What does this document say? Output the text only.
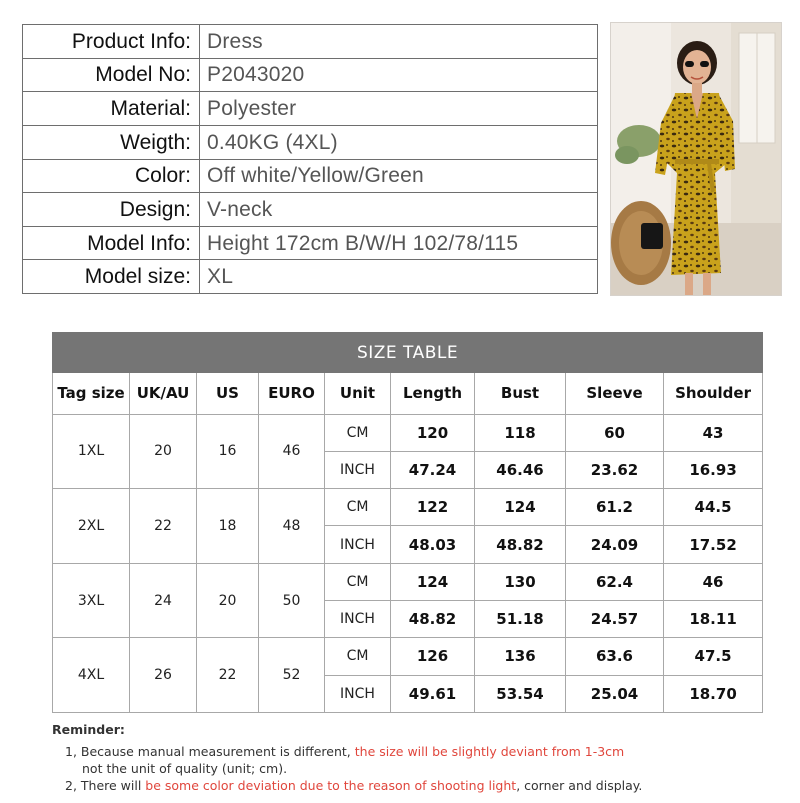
Product Info:	Dress
Model No:	P2043020
Material:	Polyester
Weigth:	0.40KG (4XL)
Color:	Off white/Yellow/Green
Design:	V-neck
Model Info:	Height 172cm B/W/H 102/78/115
Model size:	XL
SIZE TABLE								
Tag size	UK/AU	US	EURO	Unit	Length	Bust	Sleeve	Shoulder
1XL	20	16	46	CM	120	118	60	43
				INCH	47.24	46.46	23.62	16.93
2XL	22	18	48	CM	122	124	61.2	44.5
				INCH	48.03	48.82	24.09	17.52
3XL	24	20	50	CM	124	130	62.4	46
				INCH	48.82	51.18	24.57	18.11
4XL	26	22	52	CM	126	136	63.6	47.5
				INCH	49.61	53.54	25.04	18.70
Reminder:
1, Because manual measurement is different, the size will be slightly deviant from 1-3cm
not the unit of quality (unit; cm).
2, There will be some color deviation due to the reason of shooting light, corner and display.
